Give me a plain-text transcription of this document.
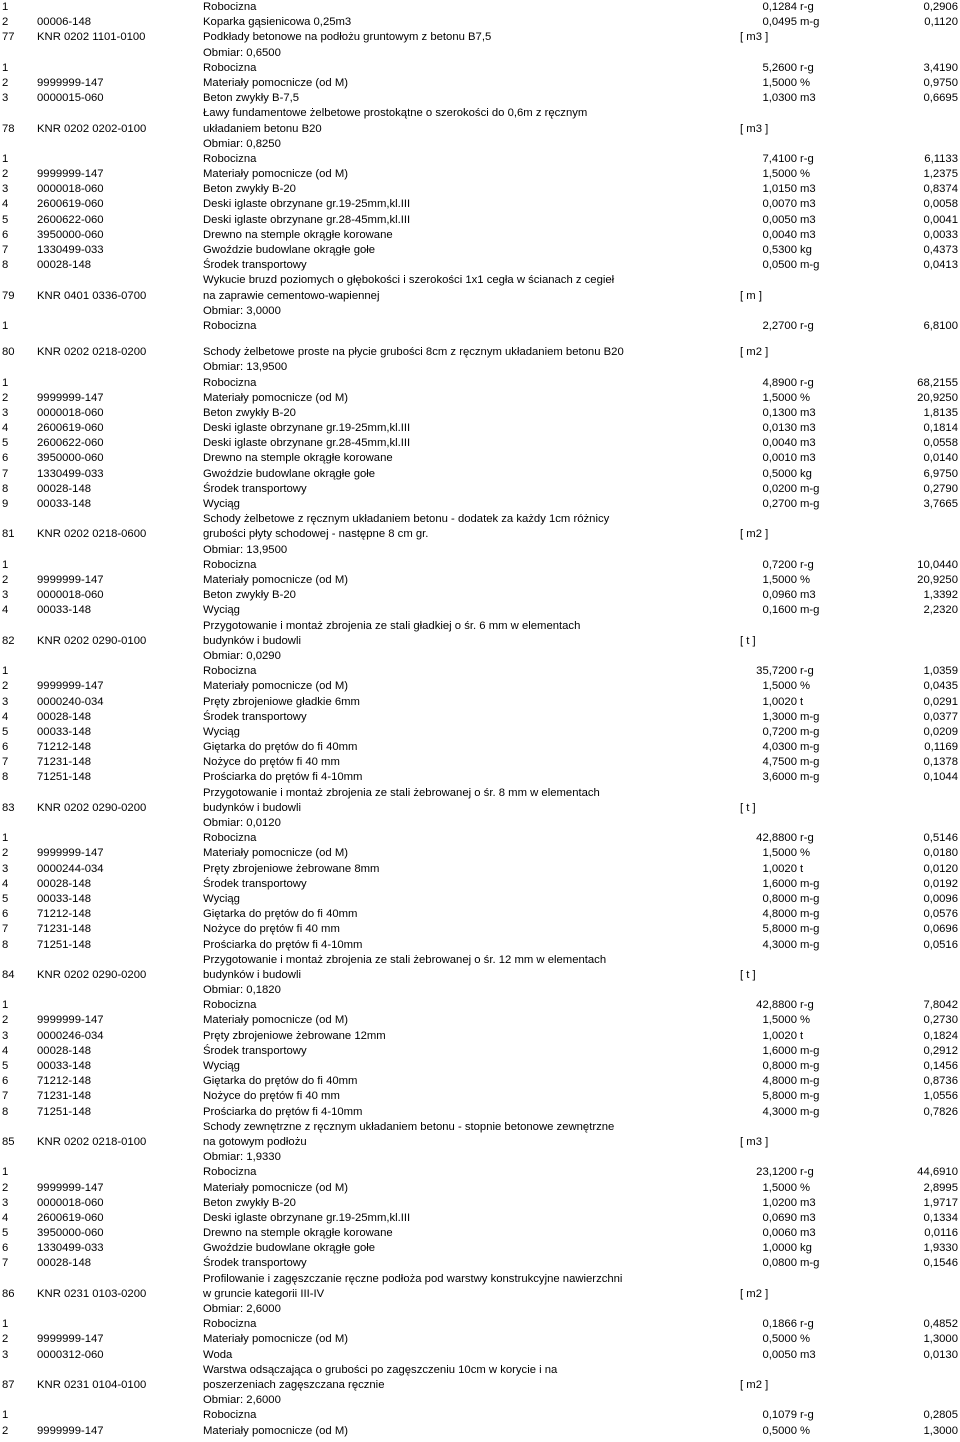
1	Robocizna	0,1284 r-g	0,2906
2	00006-148	Koparka gąsienicowa 0,25m3	0,0495 m-g	0,1120
77 KNR 0202 1101-0100	Podkłady betonowe na podłożu gruntowym z betonu B7,5	[ m3 ]
Obmiar: 0,6500
1	Robocizna	5,2600 r-g	3,4190
2	9999999-147	Materiały pomocnicze (od M)	1,5000 %	0,9750
3	0000015-060	Beton zwykły B-7,5	1,0300 m3	0,6695
78 KNR 0202 0202-0100
Ławy fundamentowe żelbetowe prostokątne o szerokości do 0,6m z ręcznym
układaniem betonu B20	[ m3 ]
Obmiar: 0,8250
1	Robocizna	7,4100 r-g	6,1133
2	9999999-147	Materiały pomocnicze (od M)	1,5000 %	1,2375
3	0000018-060	Beton zwykły B-20	1,0150 m3	0,8374
4	2600619-060	Deski iglaste obrzynane gr.19-25mm,kl.III	0,0070 m3	0,0058
5	2600622-060	Deski iglaste obrzynane gr.28-45mm,kl.III	0,0050 m3	0,0041
6	3950000-060	Drewno na stemple okrągłe korowane	0,0040 m3	0,0033
7	1330499-033	Gwoździe budowlane okrągłe gołe	0,5300 kg	0,4373
8	00028-148	Środek transportowy	0,0500 m-g	0,0413
79 KNR 0401 0336-0700
Wykucie bruzd poziomych o głębokości i szerokości 1x1 cegła w ścianach z cegieł
na zaprawie cementowo-wapiennej	[ m ]
Obmiar: 3,0000
1	Robocizna	2,2700 r-g	6,8100
80 KNR 0202 0218-0200	Schody żelbetowe proste na płycie grubości 8cm z ręcznym układaniem betonu B20	[ m2 ]
Obmiar: 13,9500
1	Robocizna	4,8900 r-g	68,2155
2	9999999-147	Materiały pomocnicze (od M)	1,5000 %	20,9250
3	0000018-060	Beton zwykły B-20	0,1300 m3	1,8135
4	2600619-060	Deski iglaste obrzynane gr.19-25mm,kl.III	0,0130 m3	0,1814
5	2600622-060	Deski iglaste obrzynane gr.28-45mm,kl.III	0,0040 m3	0,0558
6	3950000-060	Drewno na stemple okrągłe korowane	0,0010 m3	0,0140
7	1330499-033	Gwoździe budowlane okrągłe gołe	0,5000 kg	6,9750
8	00028-148	Środek transportowy	0,0200 m-g	0,2790
9	00033-148	Wyciąg	0,2700 m-g	3,7665
81 KNR 0202 0218-0600
Schody żelbetowe z ręcznym układaniem betonu - dodatek za każdy 1cm różnicy
grubości płyty schodowej - następne 8 cm gr.	[ m2 ]
Obmiar: 13,9500
1	Robocizna	0,7200 r-g	10,0440
2	9999999-147	Materiały pomocnicze (od M)	1,5000 %	20,9250
3	0000018-060	Beton zwykły B-20	0,0960 m3	1,3392
4	00033-148	Wyciąg	0,1600 m-g	2,2320
82 KNR 0202 0290-0100
Przygotowanie i montaż zbrojenia ze stali gładkiej o śr. 6 mm w elementach
budynków i budowli	[ t ]
Obmiar: 0,0290
1	Robocizna	35,7200 r-g	1,0359
2	9999999-147	Materiały pomocnicze (od M)	1,5000 %	0,0435
3	0000240-034	Pręty zbrojeniowe gładkie 6mm	1,0020 t	0,0291
4	00028-148	Środek transportowy	1,3000 m-g	0,0377
5	00033-148	Wyciąg	0,7200 m-g	0,0209
6	71212-148	Giętarka do prętów do fi 40mm	4,0300 m-g	0,1169
7	71231-148	Nożyce do prętów fi 40 mm	4,7500 m-g	0,1378
8	71251-148	Prościarka do prętów fi 4-10mm	3,6000 m-g	0,1044
83 KNR 0202 0290-0200
Przygotowanie i montaż zbrojenia ze stali żebrowanej o śr. 8 mm w elementach
budynków i budowli	[ t ]
Obmiar: 0,0120
1	Robocizna	42,8800 r-g	0,5146
2	9999999-147	Materiały pomocnicze (od M)	1,5000 %	0,0180
3	0000244-034	Pręty zbrojeniowe żebrowane 8mm	1,0020 t	0,0120
4	00028-148	Środek transportowy	1,6000 m-g	0,0192
5	00033-148	Wyciąg	0,8000 m-g	0,0096
6	71212-148	Giętarka do prętów do fi 40mm	4,8000 m-g	0,0576
7	71231-148	Nożyce do prętów fi 40 mm	5,8000 m-g	0,0696
8	71251-148	Prościarka do prętów fi 4-10mm	4,3000 m-g	0,0516
84 KNR 0202 0290-0200
Przygotowanie i montaż zbrojenia ze stali żebrowanej o śr. 12 mm w elementach
budynków i budowli	[ t ]
Obmiar: 0,1820
1	Robocizna	42,8800 r-g	7,8042
2	9999999-147	Materiały pomocnicze (od M)	1,5000 %	0,2730
3	0000246-034	Pręty zbrojeniowe żebrowane 12mm	1,0020 t	0,1824
4	00028-148	Środek transportowy	1,6000 m-g	0,2912
5	00033-148	Wyciąg	0,8000 m-g	0,1456
6	71212-148	Giętarka do prętów do fi 40mm	4,8000 m-g	0,8736
7	71231-148	Nożyce do prętów fi 40 mm	5,8000 m-g	1,0556
8	71251-148	Prościarka do prętów fi 4-10mm	4,3000 m-g	0,7826
85 KNR 0202 0218-0100
Schody zewnętrzne z ręcznym układaniem betonu - stopnie betonowe zewnętrzne
na gotowym podłożu	[ m3 ]
Obmiar: 1,9330
1	Robocizna	23,1200 r-g	44,6910
2	9999999-147	Materiały pomocnicze (od M)	1,5000 %	2,8995
3	0000018-060	Beton zwykły B-20	1,0200 m3	1,9717
4	2600619-060	Deski iglaste obrzynane gr.19-25mm,kl.III	0,0690 m3	0,1334
5	3950000-060	Drewno na stemple okrągłe korowane	0,0060 m3	0,0116
6	1330499-033	Gwoździe budowlane okrągłe gołe	1,0000 kg	1,9330
7	00028-148	Środek transportowy	0,0800 m-g	0,1546
86 KNR 0231 0103-0200
Profilowanie i zagęszczanie ręczne podłoża pod warstwy konstrukcyjne nawierzchni
w gruncie kategorii III-IV	[ m2 ]
Obmiar: 2,6000
1	Robocizna	0,1866 r-g	0,4852
2	9999999-147	Materiały pomocnicze (od M)	0,5000 %	1,3000
3	0000312-060	Woda	0,0050 m3	0,0130
87 KNR 0231 0104-0100
Warstwa odsączająca o grubości po zagęszczeniu 10cm w korycie i na
poszerzeniach zagęszczana ręcznie	[ m2 ]
Obmiar: 2,6000
1	Robocizna	0,1079 r-g	0,2805
2	9999999-147	Materiały pomocnicze (od M)	0,5000 %	1,3000
